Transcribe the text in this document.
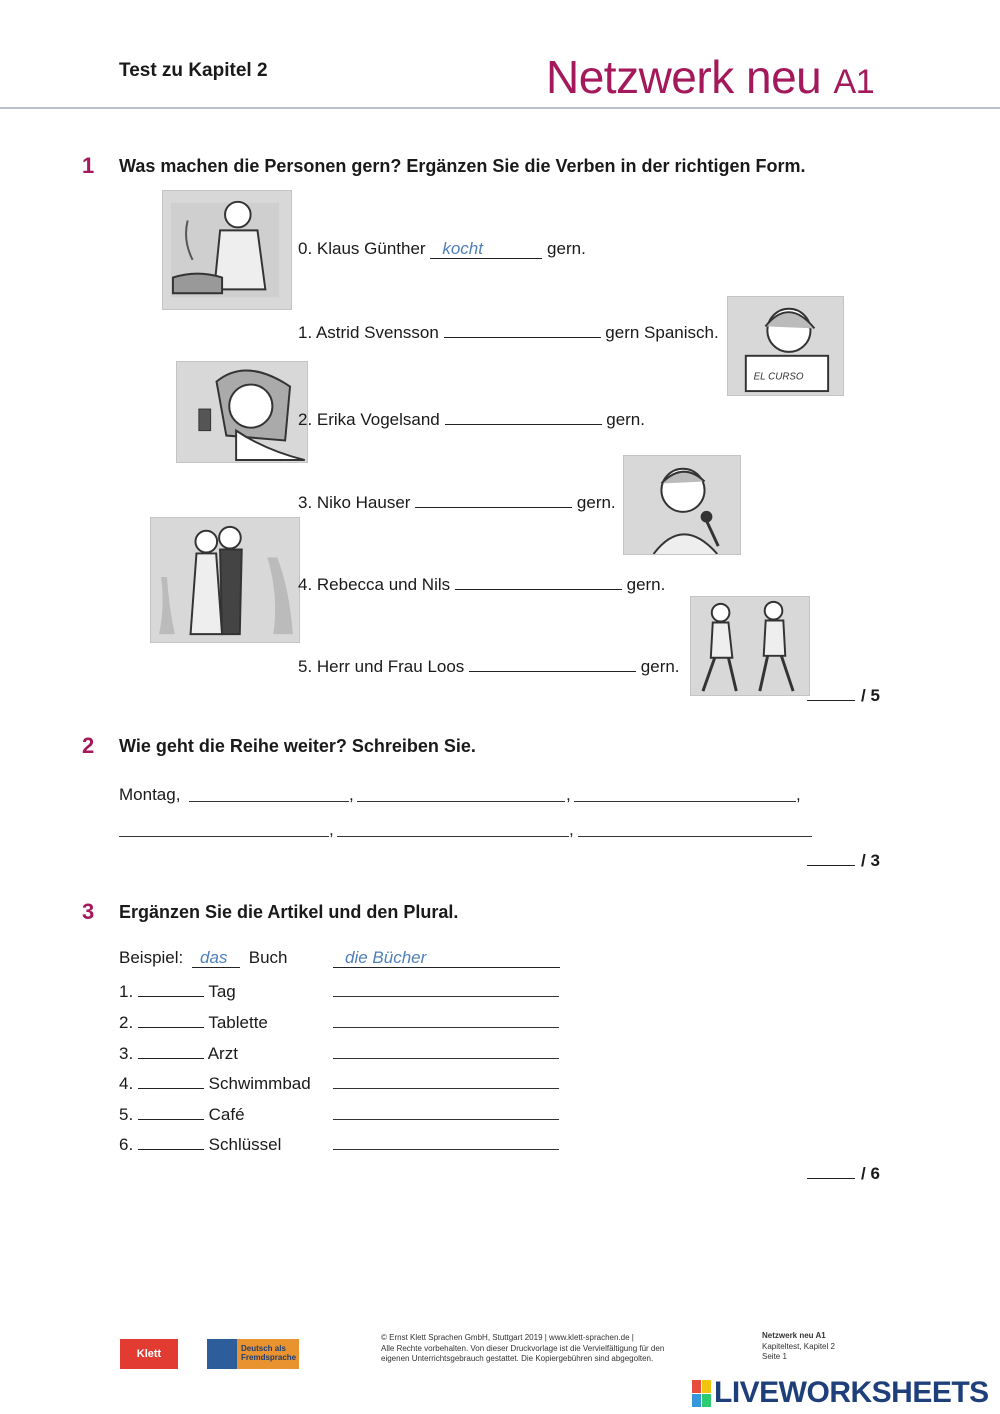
Test zu Kapitel 2	Netzwerk neu A1
1 Was machen die Personen gern? Ergänzen Sie die Verben in der richtigen Form.
EL CURSO
0. Klaus Günther kocht	gern.
1. Astrid Svensson	gern Spanisch.
2. Erika Vogelsand	gern.
3. Niko Hauser	gern.
4. Rebecca und Nils	gern.
5. Herr und Frau Loos	gern.
/ 5
2 Wie geht die Reihe weiter? Schreiben Sie.
Montag,	,	,	,
,	,
/ 3
3 Ergänzen Sie die Artikel und den Plural.
Beispiel: das Buch	die Bücher
1.	Tag
2.	Tablette
3.	Arzt
4.	Schwimmbad
5.	Café
6.	Schlüssel
/ 6
Klett	Deutsch als Fremdsprache
© Ernst Klett Sprachen GmbH, Stuttgart 2019 | www.klett-sprachen.de |
Alle Rechte vorbehalten. Von dieser Druckvorlage ist die Vervielfältigung für den
eigenen Unterrichtsgebrauch gestattet. Die Kopiergebühren sind abgegolten.
Netzwerk neu A1
Kapiteltest, Kapitel 2
Seite 1
LIVEWORKSHEETS
